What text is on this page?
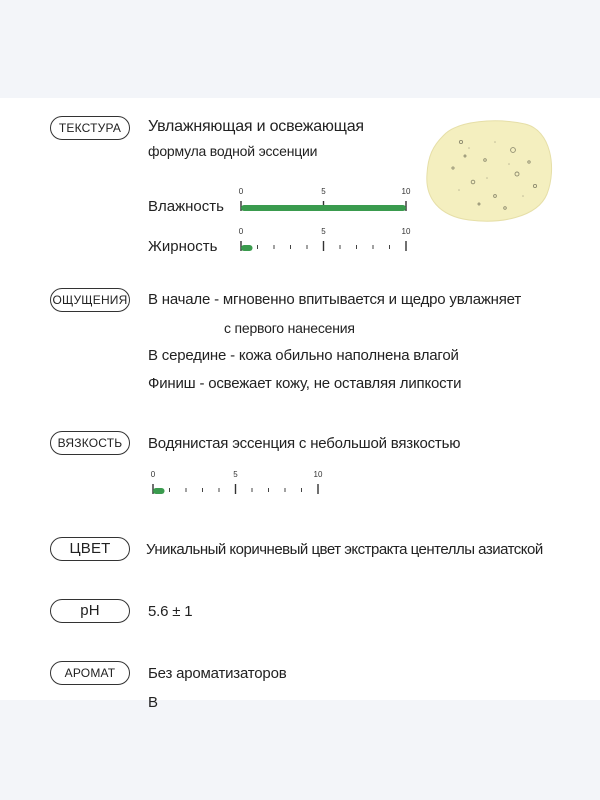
ТЕКСТУРА	Увлажняющая и освежающая
формула водной эссенции
Влажность
0	5	10
Жирность
0	5	10
ОЩУЩЕНИЯ В начале - мгновенно впитывается и щедро увлажняет
с первого нанесения
В середине - кожа обильно наполнена влагой
Финиш - освежает кожу, не оставляя липкости
ВЯЗКОСТЬ	Водянистая эссенция с небольшой вязкостью
0	5	10
ЦВЕТ	Уникальный коричневый цвет экстракта центеллы азиатской
pH	5.6 ± 1
АРОМАТ	Без ароматизаторов
В
